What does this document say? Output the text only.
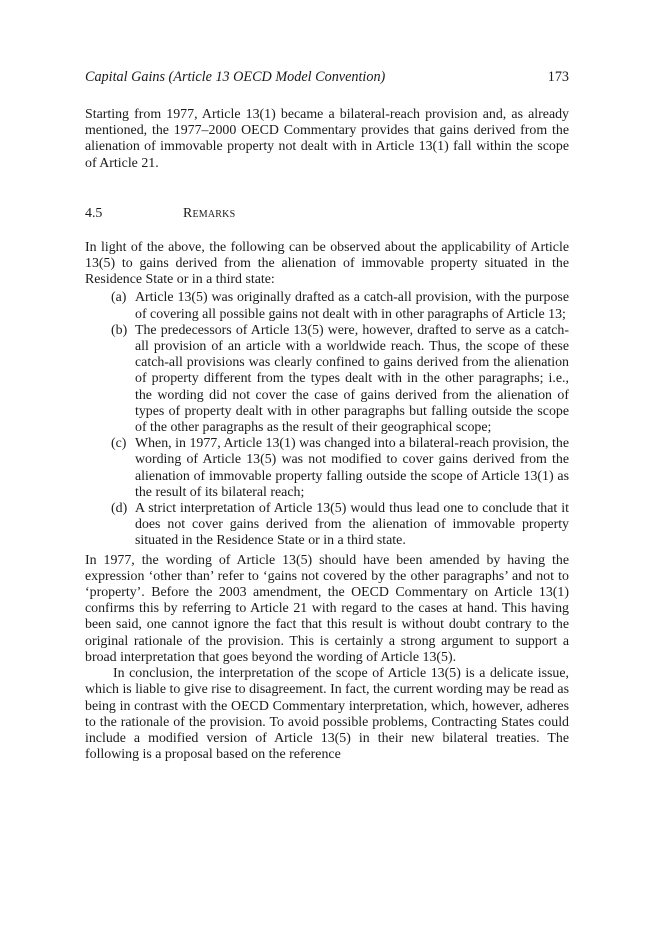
Capital Gains (Article 13 OECD Model Convention)	173

Starting from 1977, Article 13(1) became a bilateral-reach provision and, as already mentioned, the 1977–2000 OECD Commentary provides that gains derived from the alienation of immovable property not dealt with in Article 13(1) fall within the scope of Article 21.

4.5	Remarks

In light of the above, the following can be observed about the applicability of Article 13(5) to gains derived from the alienation of immovable property situated in the Residence State or in a third state:

(a) Article 13(5) was originally drafted as a catch-all provision, with the purpose of covering all possible gains not dealt with in other paragraphs of Article 13;
(b) The predecessors of Article 13(5) were, however, drafted to serve as a catch-all provision of an article with a worldwide reach. Thus, the scope of these catch-all provisions was clearly confined to gains derived from the alienation of property different from the types dealt with in the other paragraphs; i.e., the wording did not cover the case of gains derived from the alienation of types of property dealt with in other paragraphs but falling outside the scope of the other paragraphs as the result of their geographical scope;
(c) When, in 1977, Article 13(1) was changed into a bilateral-reach provision, the wording of Article 13(5) was not modified to cover gains derived from the alienation of immovable property falling outside the scope of Article 13(1) as the result of its bilateral reach;
(d) A strict interpretation of Article 13(5) would thus lead one to conclude that it does not cover gains derived from the alienation of immovable property situated in the Residence State or in a third state.

In 1977, the wording of Article 13(5) should have been amended by having the expression ‘other than’ refer to ‘gains not covered by the other paragraphs’ and not to ‘property’. Before the 2003 amendment, the OECD Commentary on Article 13(1) confirms this by referring to Article 21 with regard to the cases at hand. This having been said, one cannot ignore the fact that this result is without doubt contrary to the original rationale of the provision. This is certainly a strong argument to support a broad interpretation that goes beyond the wording of Article 13(5).

In conclusion, the interpretation of the scope of Article 13(5) is a delicate issue, which is liable to give rise to disagreement. In fact, the current wording may be read as being in contrast with the OECD Commentary interpretation, which, however, adheres to the rationale of the provision. To avoid possible problems, Contracting States could include a modified version of Article 13(5) in their new bilateral treaties. The following is a proposal based on the reference
